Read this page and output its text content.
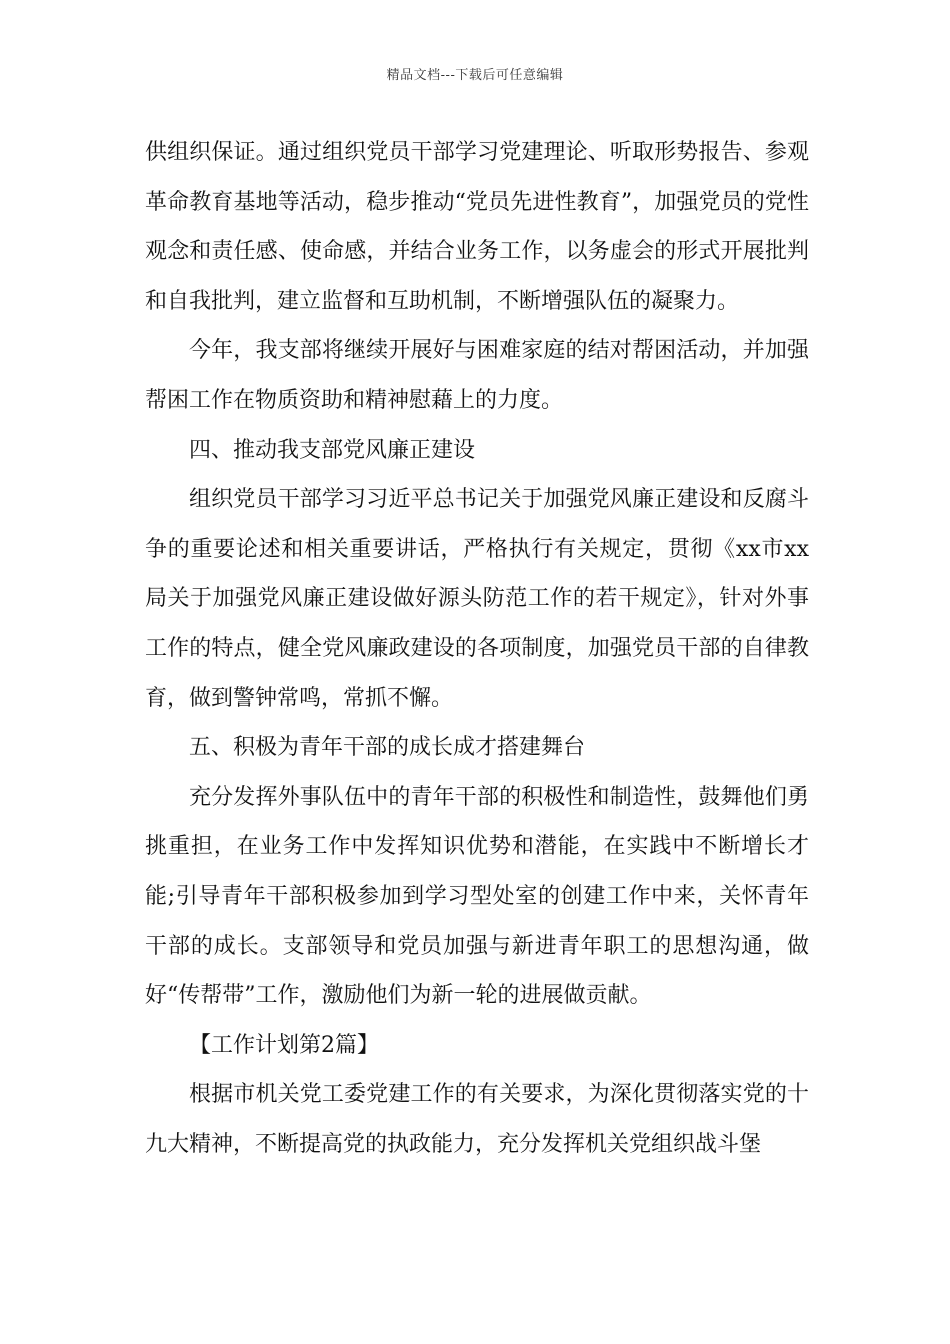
精品文档---下载后可任意编辑

供组织保证。通过组织党员干部学习党建理论、听取形势报告、参观革命教育基地等活动，稳步推动“党员先进性教育”，加强党员的党性观念和责任感、使命感，并结合业务工作，以务虚会的形式开展批判和自我批判，建立监督和互助机制，不断增强队伍的凝聚力。

今年，我支部将继续开展好与困难家庭的结对帮困活动，并加强帮困工作在物质资助和精神慰藉上的力度。

四、推动我支部党风廉正建设

组织党员干部学习习近平总书记关于加强党风廉正建设和反腐斗争的重要论述和相关重要讲话，严格执行有关规定，贯彻《xx市xx局关于加强党风廉正建设做好源头防范工作的若干规定》，针对外事工作的特点，健全党风廉政建设的各项制度，加强党员干部的自律教育，做到警钟常鸣，常抓不懈。

五、积极为青年干部的成长成才搭建舞台

充分发挥外事队伍中的青年干部的积极性和制造性，鼓舞他们勇挑重担，在业务工作中发挥知识优势和潜能，在实践中不断增长才能;引导青年干部积极参加到学习型处室的创建工作中来，关怀青年干部的成长。支部领导和党员加强与新进青年职工的思想沟通，做好“传帮带”工作，激励他们为新一轮的进展做贡献。

【工作计划第2篇】

根据市机关党工委党建工作的有关要求，为深化贯彻落实党的十九大精神，不断提高党的执政能力，充分发挥机关党组织战斗堡
